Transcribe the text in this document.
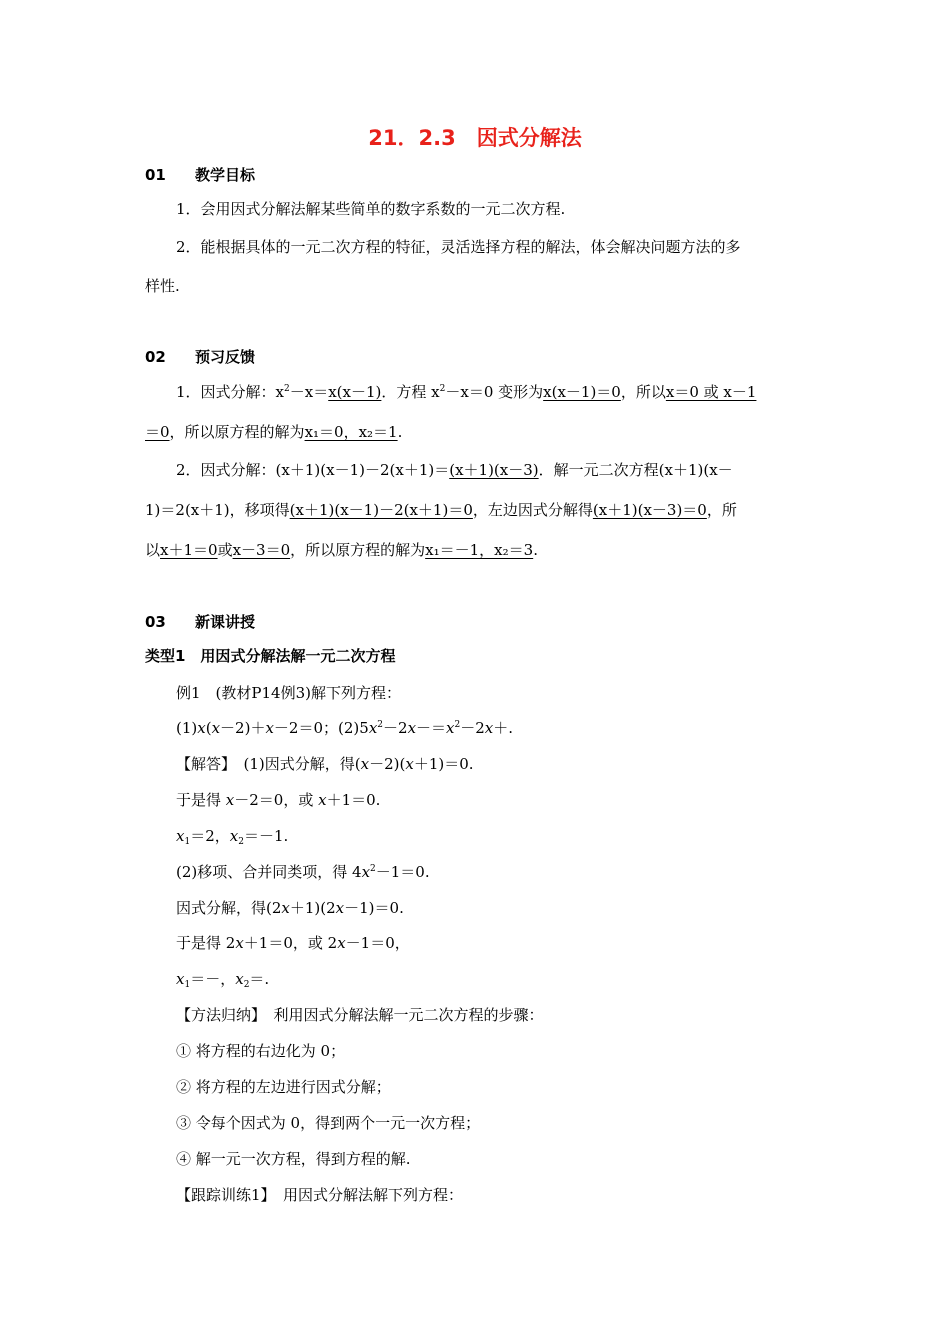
21．2.3　因式分解法
01 教学目标
1．会用因式分解法解某些简单的数字系数的一元二次方程.
2．能根据具体的一元二次方程的特征，灵活选择方程的解法，体会解决问题方法的多
样性.
02 预习反馈
1．因式分解：$x^2-x=x(x-1)$．方程 $x^2-x=0$ 变形为x(x－1)＝0，所以x＝0 或 x－1
＝0，所以原方程的解为x₁＝0，x₂＝1.
2．因式分解：(x＋1)(x－1)－2(x＋1)＝(x＋1)(x－3)．解一元二次方程(x＋1)(x－
1)＝2(x＋1)，移项得(x＋1)(x－1)－2(x＋1)＝0，左边因式分解得(x＋1)(x－3)＝0，所
以x＋1＝0或x－3＝0，所以原方程的解为x₁＝－1，x₂＝3.
03 新课讲授
类型1　用因式分解法解一元二次方程
例1　(教材P14例3)解下列方程：
(1)x(x－2)＋x－2＝0；$(2)5x^2-2x-=x^2-2x+$.
【解答】　(1)因式分解，得(x－2)(x＋1)＝0.
于是得 x－2＝0，或 x＋1＝0.
$x_1=2$，$x_2=-1$.
(2)移项、合并同类项，得 $4x^2-1=0$.
因式分解，得(2x＋1)(2x－1)＝0.
于是得 2x＋1＝0，或 2x－1＝0，
$x_1=-$，$x_2=$.
【方法归纳】　利用因式分解法解一元二次方程的步骤：
① 将方程的右边化为 0；
② 将方程的左边进行因式分解；
③ 令每个因式为 0，得到两个一元一次方程；
④ 解一元一次方程，得到方程的解.
【跟踪训练1】　用因式分解法解下列方程：
